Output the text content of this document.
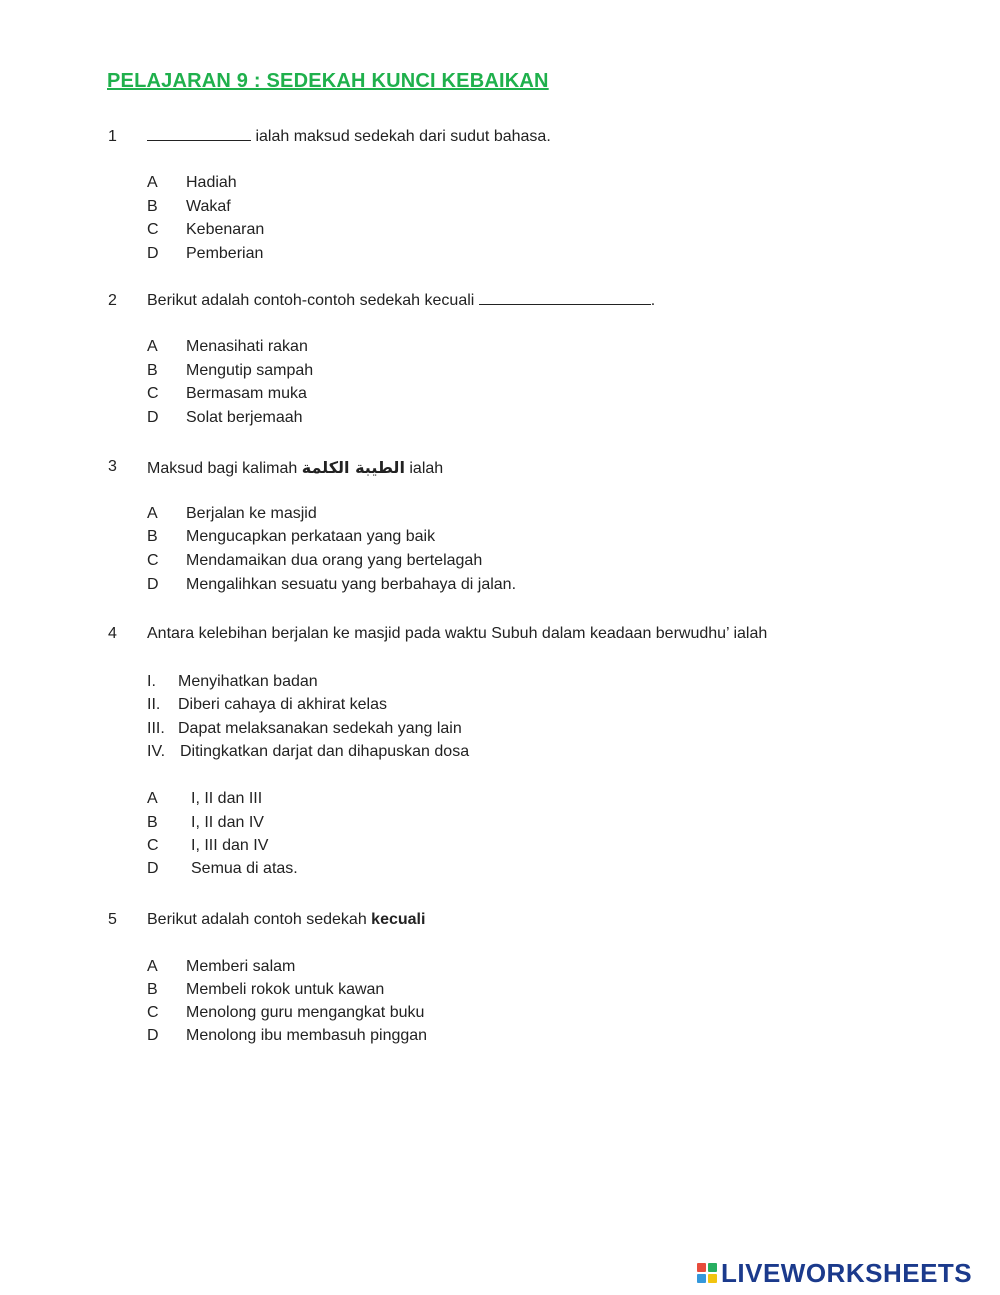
PELAJARAN 9 : SEDEKAH KUNCI KEBAIKAN
1	ialah maksud sedekah dari sudut bahasa.
A Hadiah
B Wakaf
C Kebenaran
D Pemberian
2 Berikut adalah contoh-contoh sedekah kecuali	.
A Menasihati rakan
B Mengutip sampah
C Bermasam muka
D Solat berjemaah
3 Maksud bagi kalimah الطيبة الكلمة ialah
A Berjalan ke masjid
B Mengucapkan perkataan yang baik
C Mendamaikan dua orang yang bertelagah
D Mengalihkan sesuatu yang berbahaya di jalan.
4 Antara kelebihan berjalan ke masjid pada waktu Subuh dalam keadaan berwudhu’ ialah
I. Menyihatkan badan
II. Diberi cahaya di akhirat kelas
III. Dapat melaksanakan sedekah yang lain
IV. Ditingkatkan darjat dan dihapuskan dosa
A I, II dan III
B I, II dan IV
C I, III dan IV
D Semua di atas.
5 Berikut adalah contoh sedekah kecuali
A Memberi salam
B Membeli rokok untuk kawan
C Menolong guru mengangkat buku
D Menolong ibu membasuh pinggan
LIVEWORKSHEETS
